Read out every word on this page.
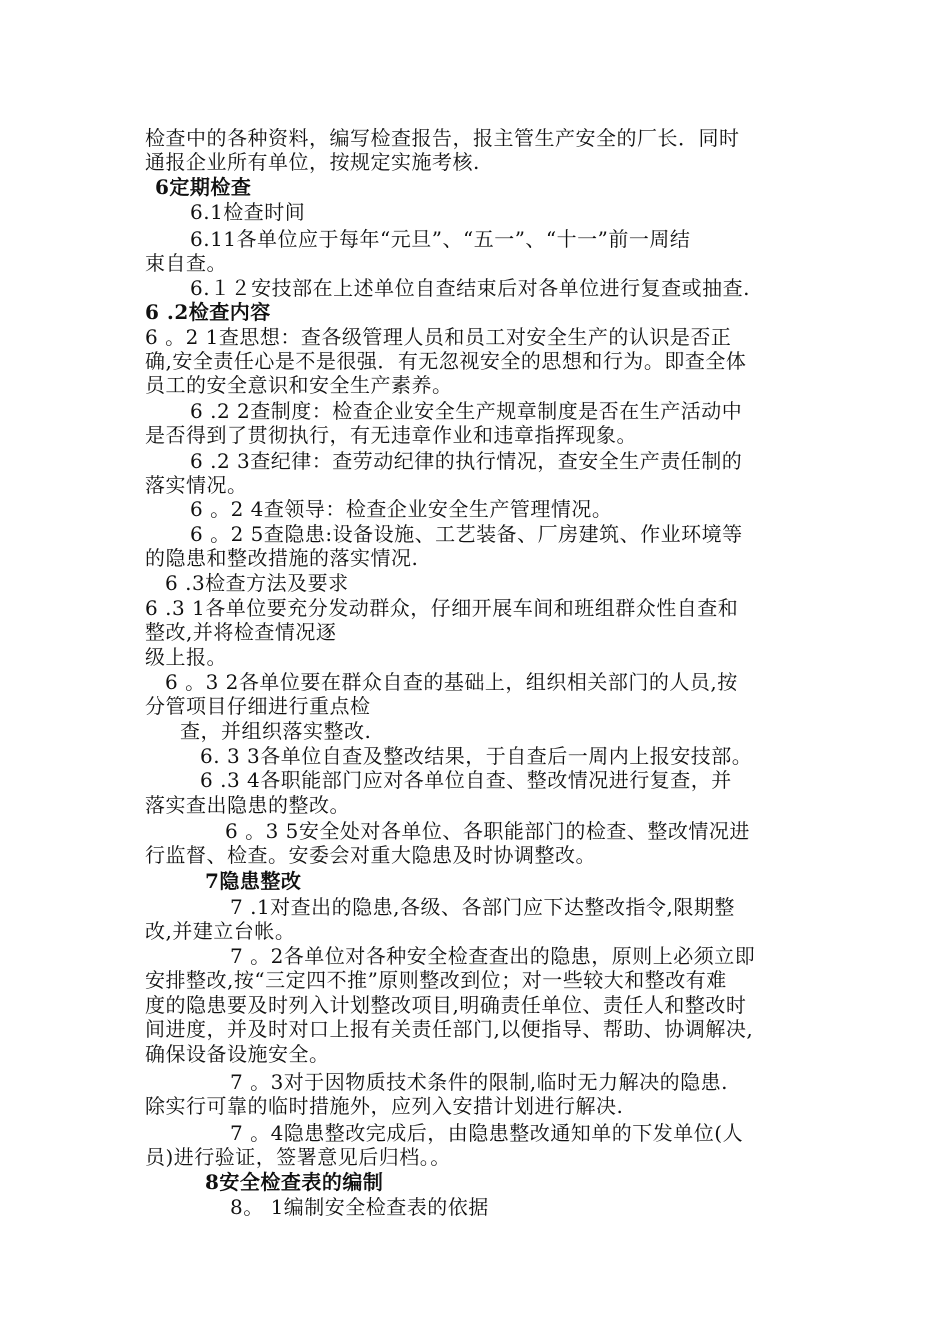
检查中的各种资料，编写检查报告，报主管生产安全的厂长．同时
通报企业所有单位，按规定实施考核.
6定期检查
6.1检查时间
6.11各单位应于每年“元旦”、“五一”、“十一”前一周结
束自查。
6.１２安技部在上述单位自查结束后对各单位进行复查或抽查.
6 .2检查内容
6 。2 1查思想：查各级管理人员和员工对安全生产的认识是否正
确,安全责任心是不是很强．有无忽视安全的思想和行为。即查全体
员工的安全意识和安全生产素养。
6 .2 2查制度：检查企业安全生产规章制度是否在生产活动中
是否得到了贯彻执行，有无违章作业和违章指挥现象。
6 .2 3查纪律：查劳动纪律的执行情况，查安全生产责任制的
落实情况。
6 。2 4查领导：检查企业安全生产管理情况。
6 。2 5查隐患:设备设施、工艺装备、厂房建筑、作业环境等
的隐患和整改措施的落实情况.
6 .3检查方法及要求
6 .3 1各单位要充分发动群众，仔细开展车间和班组群众性自查和
整改,并将检查情况逐
级上报。
6 。3 2各单位要在群众自查的基础上，组织相关部门的人员,按
分管项目仔细进行重点检
查，并组织落实整改.
6. 3 3各单位自查及整改结果，于自查后一周内上报安技部。
6 .3 4各职能部门应对各单位自查、整改情况进行复查，并
落实查出隐患的整改。
6 。3 5安全处对各单位、各职能部门的检查、整改情况进
行监督、检查。安委会对重大隐患及时协调整改。
7隐患整改
7 .1对查出的隐患,各级、各部门应下达整改指令,限期整
改,并建立台帐。
7 。2各单位对各种安全检查查出的隐患，原则上必须立即
安排整改,按“三定四不推”原则整改到位；对一些较大和整改有难
度的隐患要及时列入计划整改项目,明确责任单位、责任人和整改时
间进度，并及时对口上报有关责任部门,以便指导、帮助、协调解决,
确保设备设施安全。
7 。3对于因物质技术条件的限制,临时无力解决的隐患.
除实行可靠的临时措施外，应列入安措计划进行解决.
7 。4隐患整改完成后，由隐患整改通知单的下发单位(人
员)进行验证，签署意见后归档。。
8安全检查表的编制
8。 1编制安全检查表的依据
